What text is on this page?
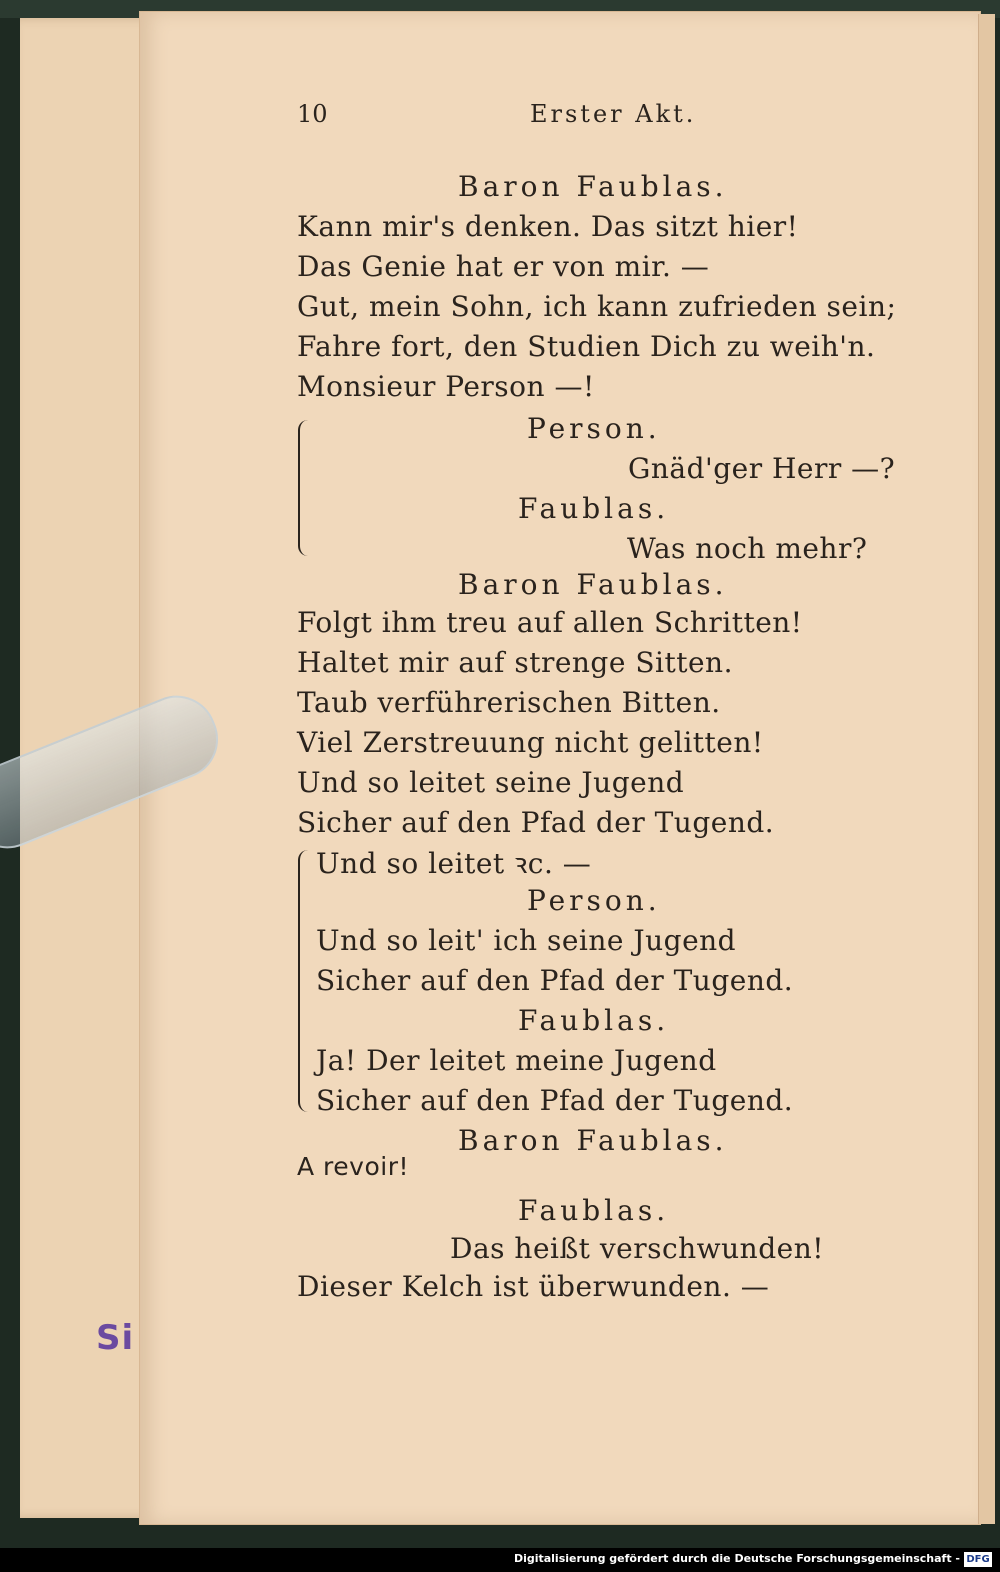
Si
10	Erster Akt.
Baron Faublas.
Kann mir's denken. Das sitzt hier!
Das Genie hat er von mir. —
Gut, mein Sohn, ich kann zufrieden sein;
Fahre fort, den Studien Dich zu weih'n.
Monsieur Person —!
Person.
Gnäd'ger Herr —?
Faublas.
Was noch mehr?
Baron Faublas.
Folgt ihm treu auf allen Schritten!
Haltet mir auf strenge Sitten.
Taub verführerischen Bitten.
Viel Zerstreuung nicht gelitten!
Und so leitet seine Jugend
Sicher auf den Pfad der Tugend.
Und so leitet ꝛc. —
Person.
Und so leit' ich seine Jugend
Sicher auf den Pfad der Tugend.
Faublas.
Ja! Der leitet meine Jugend
Sicher auf den Pfad der Tugend.
Baron Faublas.
A revoir!
Faublas.
Das heißt verschwunden!
Dieser Kelch ist überwunden. —
Digitalisierung gefördert durch die Deutsche Forschungsgemeinschaft - DFG
